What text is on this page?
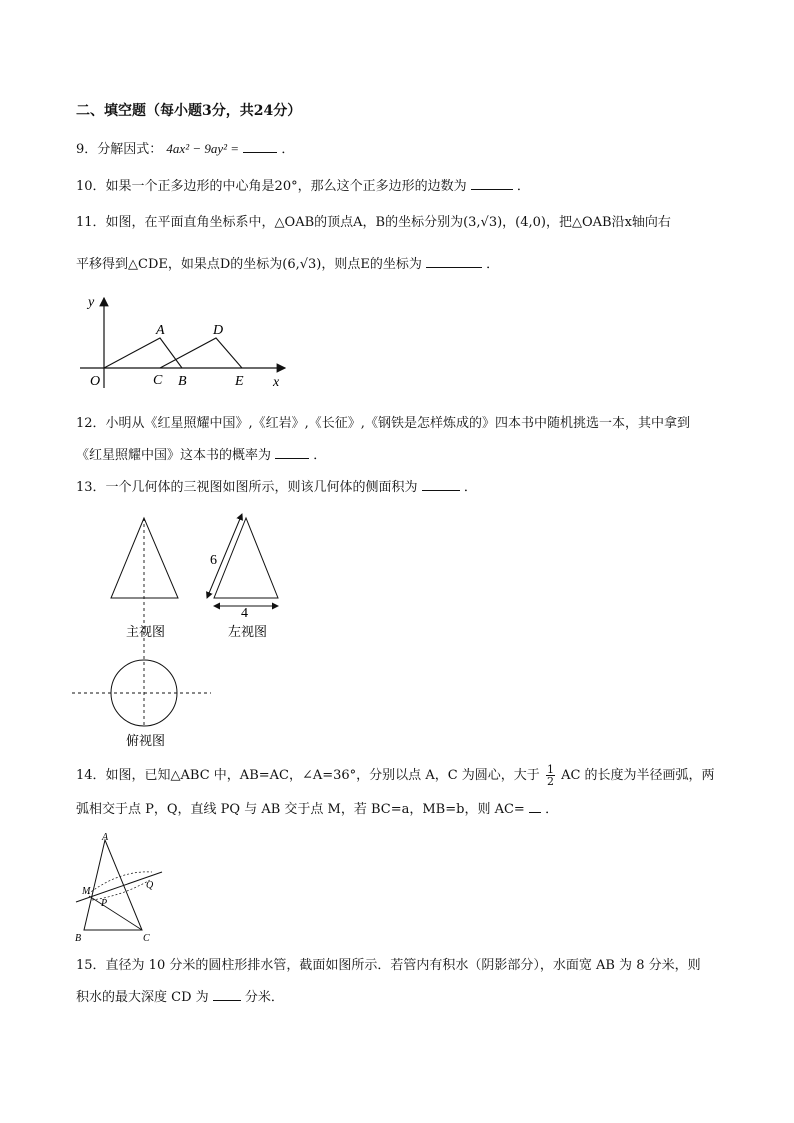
二、填空题（每小题3分，共24分）
9．分解因式： 4ax² − 9ay² =	．
10．如果一个正多边形的中心角是20°，那么这个正多边形的边数为	．
11．如图，在平面直角坐标系中，△OAB的顶点A，B的坐标分别为(3,√3)，(4,0)，把△OAB沿x轴向右
平移得到△CDE，如果点D的坐标为(6,√3)，则点E的坐标为	．
y
x
O
A
B
C
D
E
12．小明从《红星照耀中国》,《红岩》,《长征》,《钢铁是怎样炼成的》四本书中随机挑选一本，其中拿到
《红星照耀中国》这本书的概率为	．
13．一个几何体的三视图如图所示，则该几何体的侧面积为	．
主视图
6
4
左视图
俯视图
14．如图，已知△ABC 中，AB=AC，∠A=36°，分别以点 A，C 为圆心，大于 $\frac{1}{2}$ AC 的长度为半径画弧，两
弧相交于点 P，Q，直线 PQ 与 AB 交于点 M，若 BC=a，MB=b，则 AC= ．
A
B	C
M
P
Q
15．直径为 10 分米的圆柱形排水管，截面如图所示．若管内有积水（阴影部分），水面宽 AB 为 8 分米，则
积水的最大深度 CD 为	分米．
